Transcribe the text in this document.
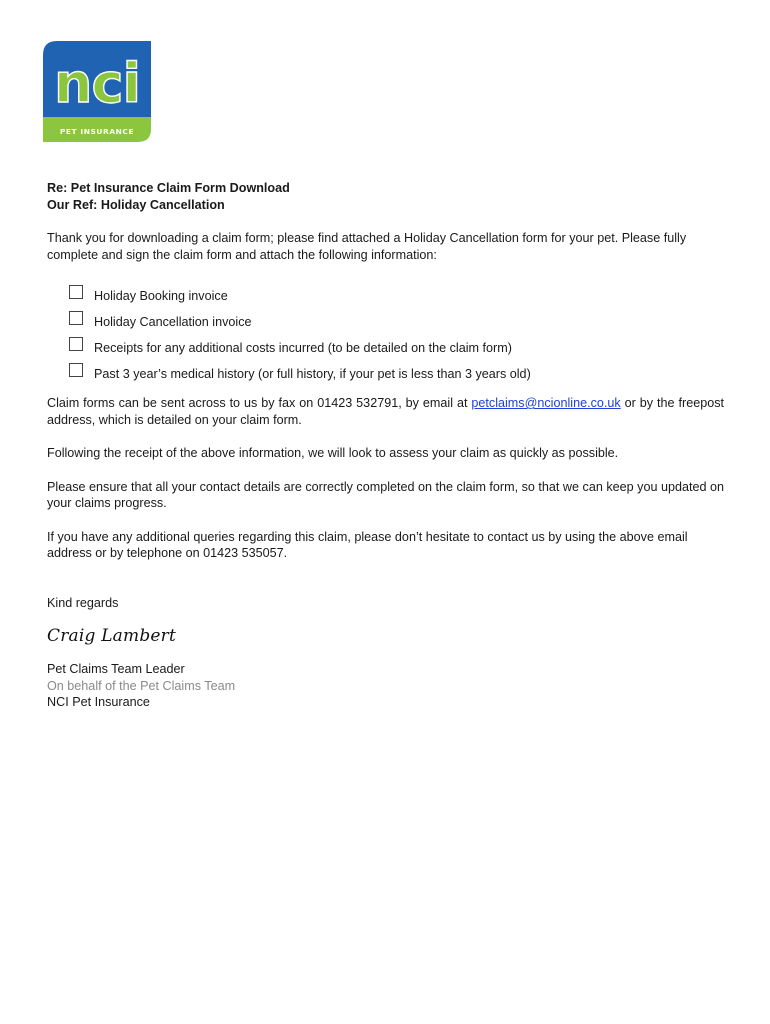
nci
PET INSURANCE

Re: Pet Insurance Claim Form Download

Our Ref: Holiday Cancellation

Thank you for downloading a claim form; please find attached a Holiday Cancellation form for your pet. Please fully complete and sign the claim form and attach the following information:

Holiday Booking invoice
Holiday Cancellation invoice
Receipts for any additional costs incurred (to be detailed on the claim form)
Past 3 year’s medical history (or full history, if your pet is less than 3 years old)

Claim forms can be sent across to us by fax on 01423 532791, by email at petclaims@ncionline.co.uk or by the freepost address, which is detailed on your claim form.

Following the receipt of the above information, we will look to assess your claim as quickly as possible.

Please ensure that all your contact details are correctly completed on the claim form, so that we can keep you updated on your claims progress.

If you have any additional queries regarding this claim, please don’t hesitate to contact us by using the above email address or by telephone on 01423 535057.

Kind regards

Craig Lambert

Pet Claims Team Leader

On behalf of the Pet Claims Team

NCI Pet Insurance
